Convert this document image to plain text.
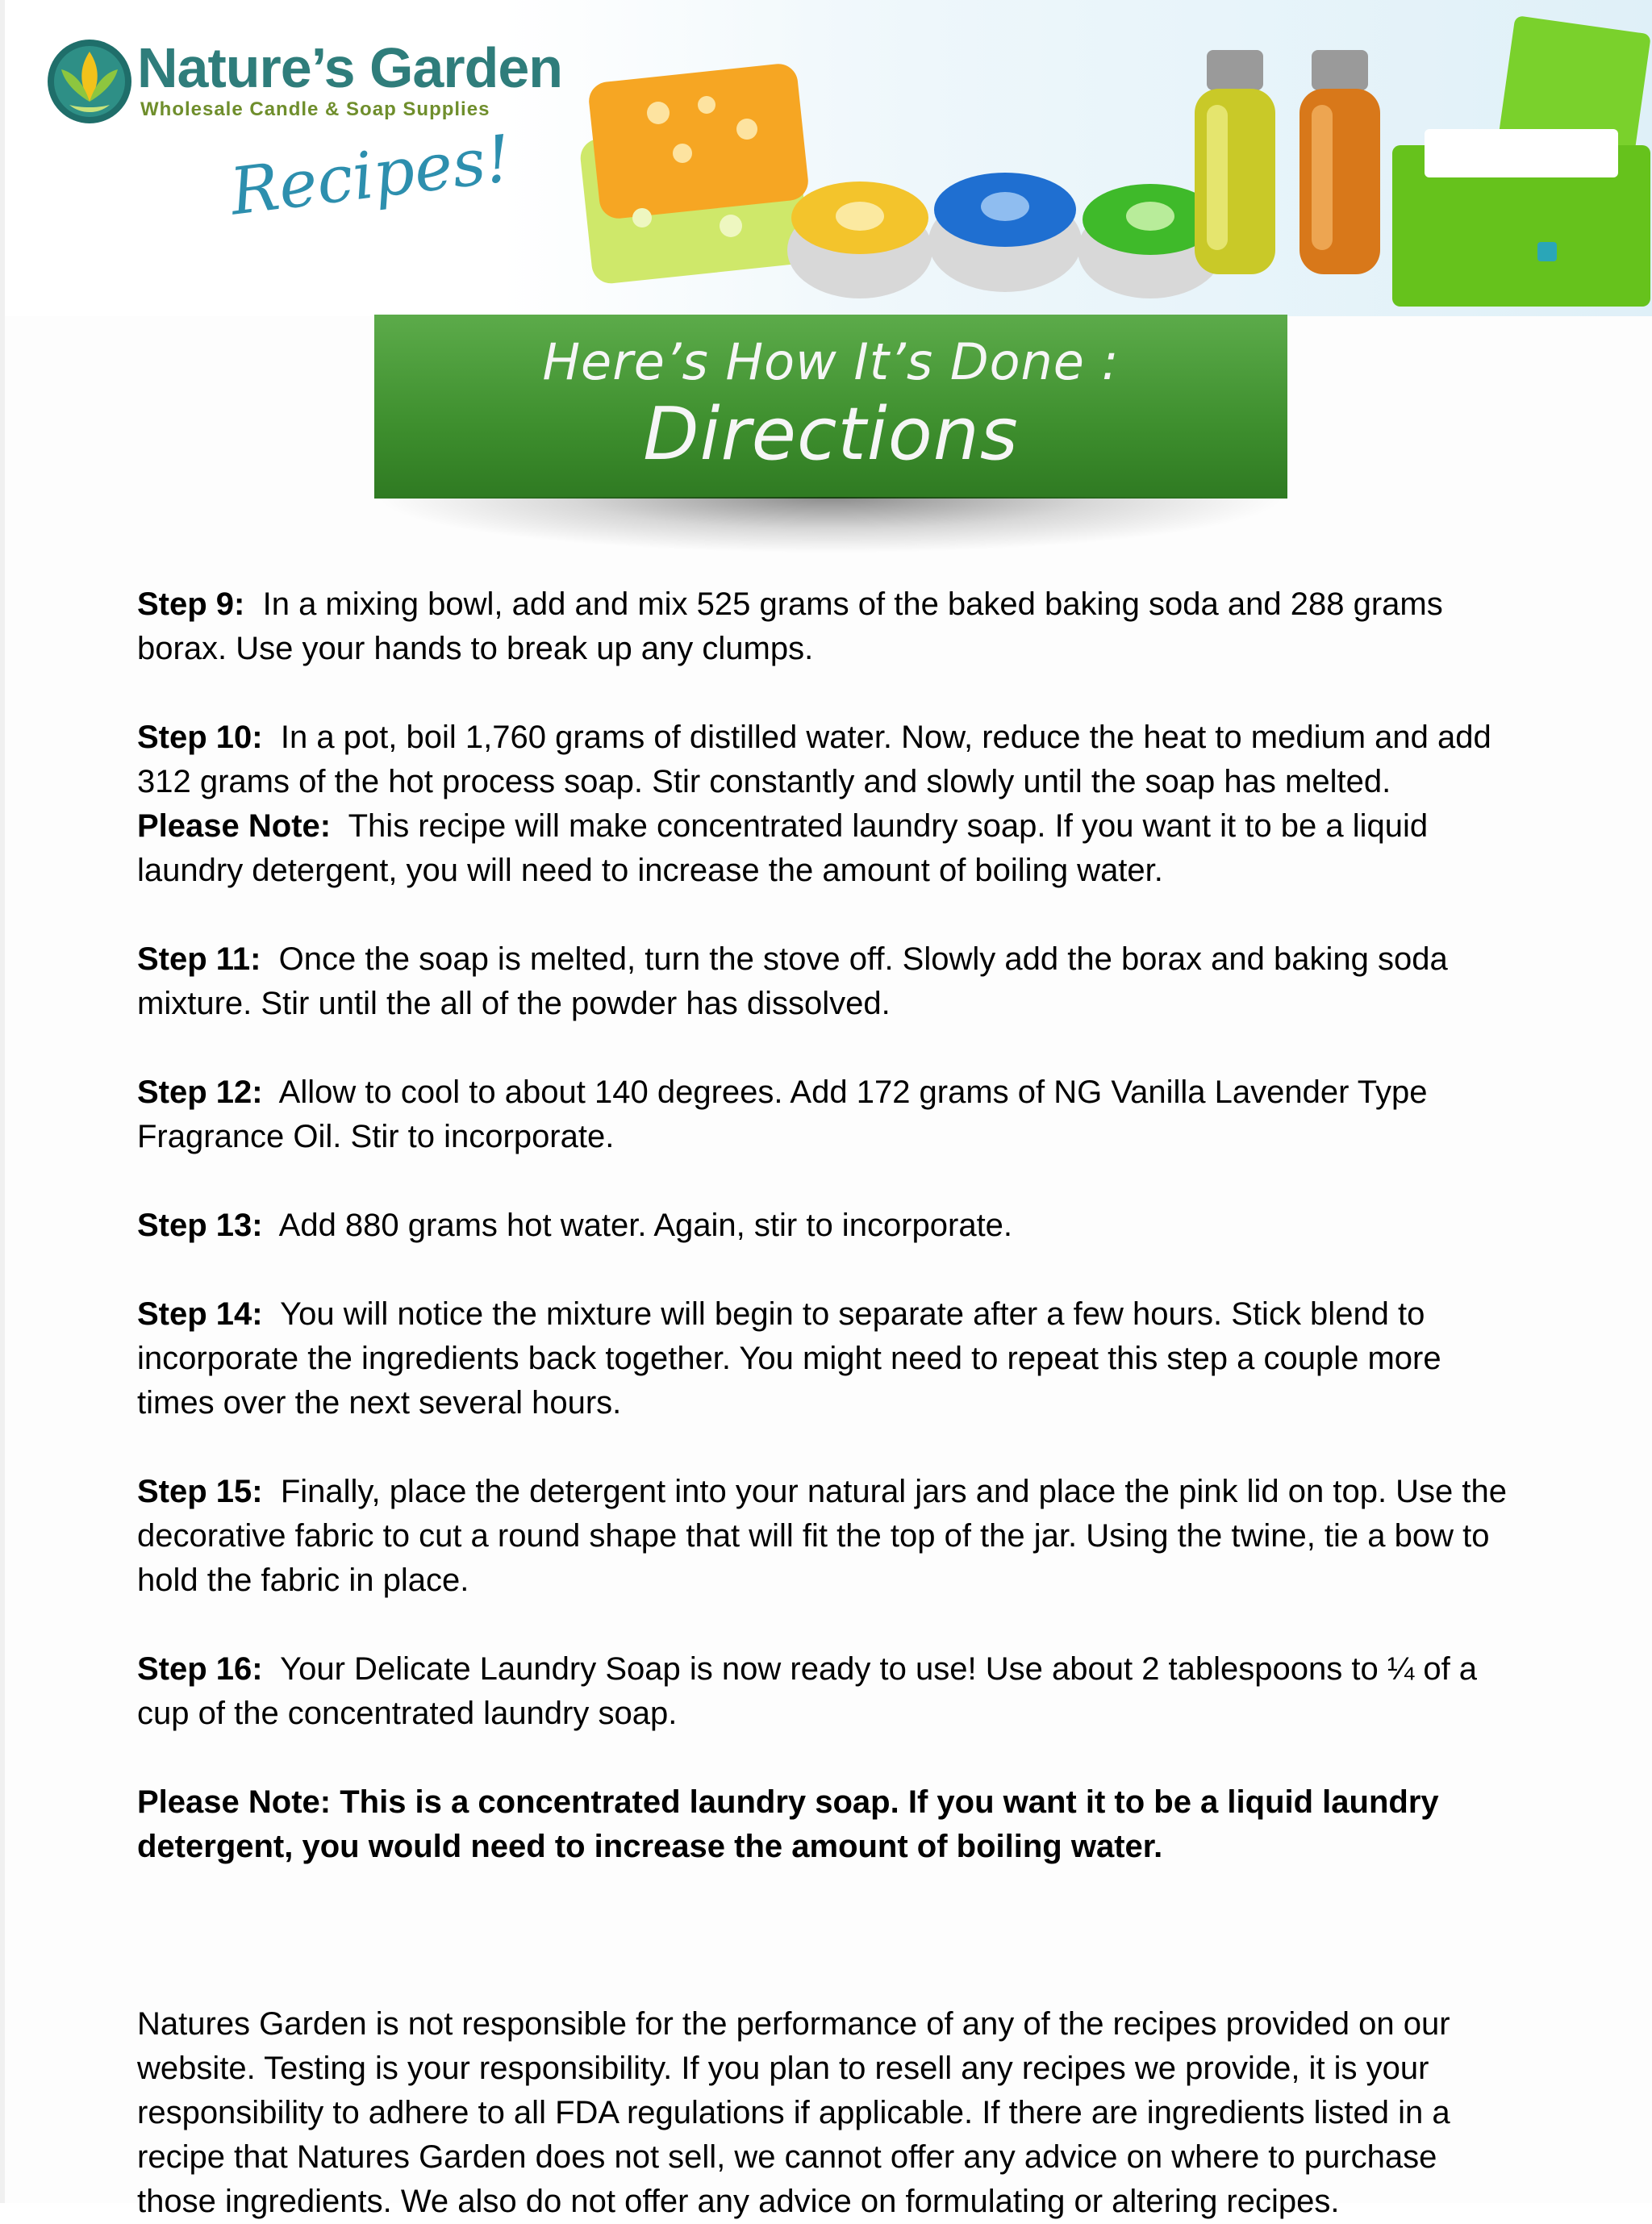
Nature’s Garden
Wholesale Candle & Soap Supplies
Recipes!
Here’s How It’s Done :
Directions

Step 9: In a mixing bowl, add and mix 525 grams of the baked baking soda and 288 grams borax. Use your hands to break up any clumps.

Step 10: In a pot, boil 1,760 grams of distilled water. Now, reduce the heat to medium and add 312 grams of the hot process soap. Stir constantly and slowly until the soap has melted.
Please Note: This recipe will make concentrated laundry soap. If you want it to be a liquid laundry detergent, you will need to increase the amount of boiling water.

Step 11: Once the soap is melted, turn the stove off. Slowly add the borax and baking soda mixture. Stir until the all of the powder has dissolved.

Step 12: Allow to cool to about 140 degrees. Add 172 grams of NG Vanilla Lavender Type Fragrance Oil. Stir to incorporate.

Step 13: Add 880 grams hot water. Again, stir to incorporate.

Step 14: You will notice the mixture will begin to separate after a few hours. Stick blend to incorporate the ingredients back together. You might need to repeat this step a couple more times over the next several hours.

Step 15: Finally, place the detergent into your natural jars and place the pink lid on top. Use the decorative fabric to cut a round shape that will fit the top of the jar. Using the twine, tie a bow to hold the fabric in place.

Step 16: Your Delicate Laundry Soap is now ready to use! Use about 2 tablespoons to ¼ of a cup of the concentrated laundry soap.

Please Note: This is a concentrated laundry soap. If you want it to be a liquid laundry detergent, you would need to increase the amount of boiling water.

Natures Garden is not responsible for the performance of any of the recipes provided on our website. Testing is your responsibility. If you plan to resell any recipes we provide, it is your responsibility to adhere to all FDA regulations if applicable. If there are ingredients listed in a recipe that Natures Garden does not sell, we cannot offer any advice on where to purchase those ingredients. We also do not offer any advice on formulating or altering recipes.
